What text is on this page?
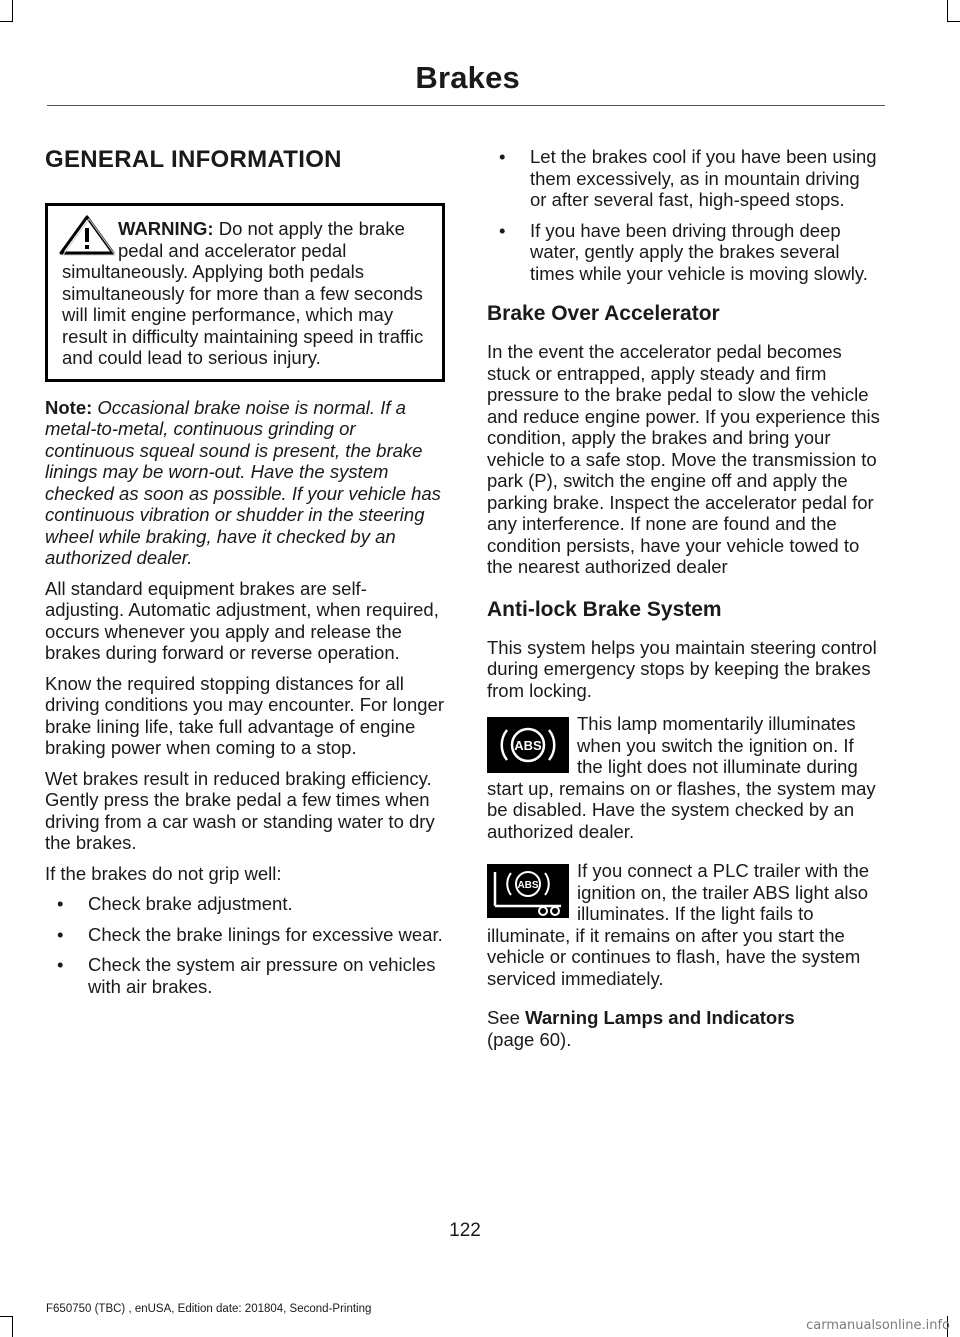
Brakes
GENERAL INFORMATION

WARNING: Do not apply the brake pedal and accelerator pedal simultaneously. Applying both pedals simultaneously for more than a few seconds will limit engine performance, which may result in difficulty maintaining speed in traffic and could lead to serious injury.

Note: Occasional brake noise is normal. If a metal-to-metal, continuous grinding or continuous squeal sound is present, the brake linings may be worn-out. Have the system checked as soon as possible. If your vehicle has continuous vibration or shudder in the steering wheel while braking, have it checked by an authorized dealer.

All standard equipment brakes are self-adjusting. Automatic adjustment, when required, occurs whenever you apply and release the brakes during forward or reverse operation.

Know the required stopping distances for all driving conditions you may encounter. For longer brake lining life, take full advantage of engine braking power when coming to a stop.

Wet brakes result in reduced braking efficiency. Gently press the brake pedal a few times when driving from a car wash or standing water to dry the brakes.

If the brakes do not grip well:

• Check brake adjustment.
• Check the brake linings for excessive wear.
• Check the system air pressure on vehicles with air brakes.
• Let the brakes cool if you have been using them excessively, as in mountain driving or after several fast, high-speed stops.
• If you have been driving through deep water, gently apply the brakes several times while your vehicle is moving slowly.
Brake Over Accelerator

In the event the accelerator pedal becomes stuck or entrapped, apply steady and firm pressure to the brake pedal to slow the vehicle and reduce engine power. If you experience this condition, apply the brakes and bring your vehicle to a safe stop. Move the transmission to park (P), switch the engine off and apply the parking brake. Inspect the accelerator pedal for any interference. If none are found and the condition persists, have your vehicle towed to the nearest authorized dealer

Anti-lock Brake System

This system helps you maintain steering control during emergency stops by keeping the brakes from locking.

ABS

This lamp momentarily illuminates when you switch the ignition on. If the light does not illuminate during start up, remains on or flashes, the system may be disabled. Have the system checked by an authorized dealer.

ABS

If you connect a PLC trailer with the ignition on, the trailer ABS light also illuminates. If the light fails to illuminate, if it remains on after you start the vehicle or continues to flash, have the system serviced immediately.

See Warning Lamps and Indicators
(page 60).

122
F650750 (TBC) , enUSA, Edition date: 201804, Second-Printing
carmanualsonline.info
